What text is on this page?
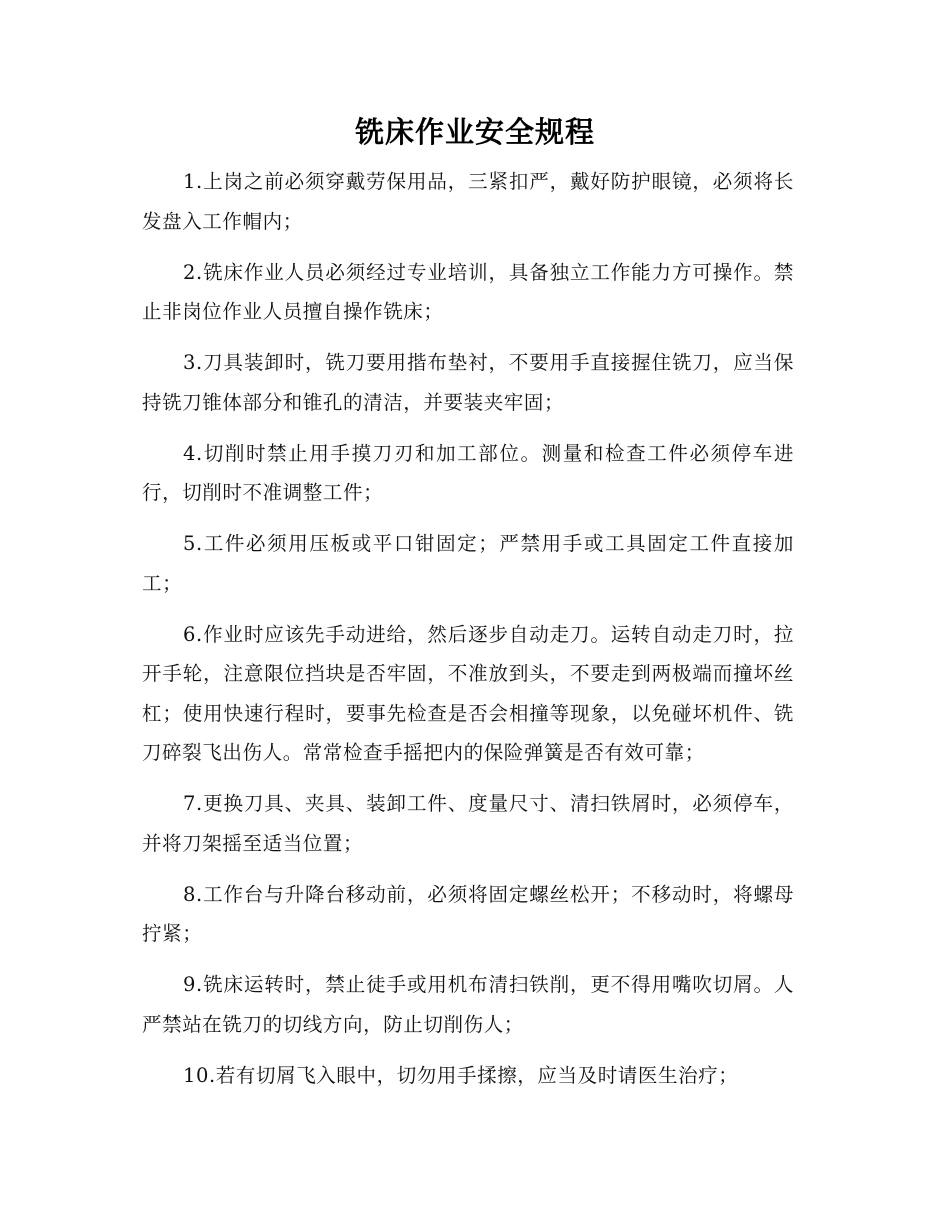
铣床作业安全规程

1.上岗之前必须穿戴劳保用品，三紧扣严，戴好防护眼镜，必须将长发盘入工作帽内；

2.铣床作业人员必须经过专业培训，具备独立工作能力方可操作。禁止非岗位作业人员擅自操作铣床；

3.刀具装卸时，铣刀要用揩布垫衬，不要用手直接握住铣刀，应当保持铣刀锥体部分和锥孔的清洁，并要装夹牢固；

4.切削时禁止用手摸刀刃和加工部位。测量和检查工件必须停车进行，切削时不准调整工件；

5.工件必须用压板或平口钳固定；严禁用手或工具固定工件直接加工；

6.作业时应该先手动进给，然后逐步自动走刀。运转自动走刀时，拉开手轮，注意限位挡块是否牢固，不准放到头，不要走到两极端而撞坏丝杠；使用快速行程时，要事先检查是否会相撞等现象，以免碰坏机件、铣刀碎裂飞出伤人。常常检查手摇把内的保险弹簧是否有效可靠；

7.更换刀具、夹具、装卸工件、度量尺寸、清扫铁屑时，必须停车，并将刀架摇至适当位置；

8.工作台与升降台移动前，必须将固定螺丝松开；不移动时，将螺母拧紧；

9.铣床运转时，禁止徒手或用机布清扫铁削，更不得用嘴吹切屑。人严禁站在铣刀的切线方向，防止切削伤人；

10.若有切屑飞入眼中，切勿用手揉擦，应当及时请医生治疗；
